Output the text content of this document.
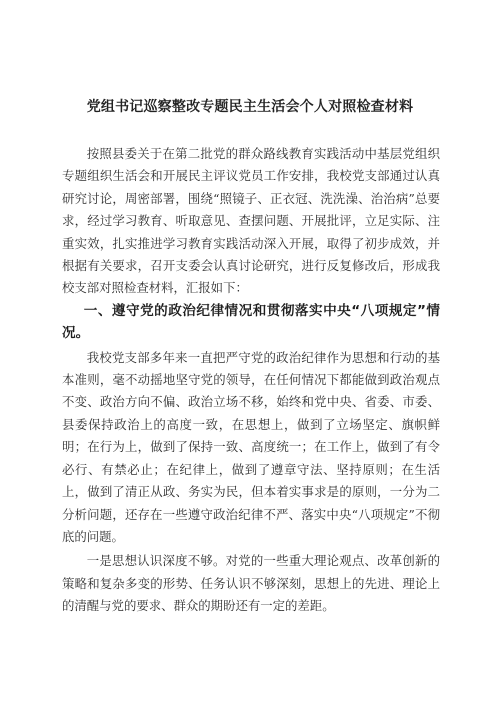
党组书记巡察整改专题民主生活会个人对照检查材料

按照县委关于在第二批党的群众路线教育实践活动中基层党组织专题组织生活会和开展民主评议党员工作安排，我校党支部通过认真研究讨论，周密部署，围绕“照镜子、正衣冠、洗洗澡、治治病”总要求，经过学习教育、听取意见、查摆问题、开展批评，立足实际、注重实效，扎实推进学习教育实践活动深入开展，取得了初步成效，并根据有关要求，召开支委会认真讨论研究，进行反复修改后，形成我校支部对照检查材料，汇报如下：

一、遵守党的政治纪律情况和贯彻落实中央“八项规定”情况。

我校党支部多年来一直把严守党的政治纪律作为思想和行动的基本准则，毫不动摇地坚守党的领导，在任何情况下都能做到政治观点不变、政治方向不偏、政治立场不移，始终和党中央、省委、市委、县委保持政治上的高度一致，在思想上，做到了立场坚定、旗帜鲜明；在行为上，做到了保持一致、高度统一；在工作上，做到了有令必行、有禁必止；在纪律上，做到了遵章守法、坚持原则；在生活上，做到了清正从政、务实为民，但本着实事求是的原则，一分为二分析问题，还存在一些遵守政治纪律不严、落实中央“八项规定”不彻底的问题。

一是思想认识深度不够。对党的一些重大理论观点、改革创新的策略和复杂多变的形势、任务认识不够深刻，思想上的先进、理论上的清醒与党的要求、群众的期盼还有一定的差距。
